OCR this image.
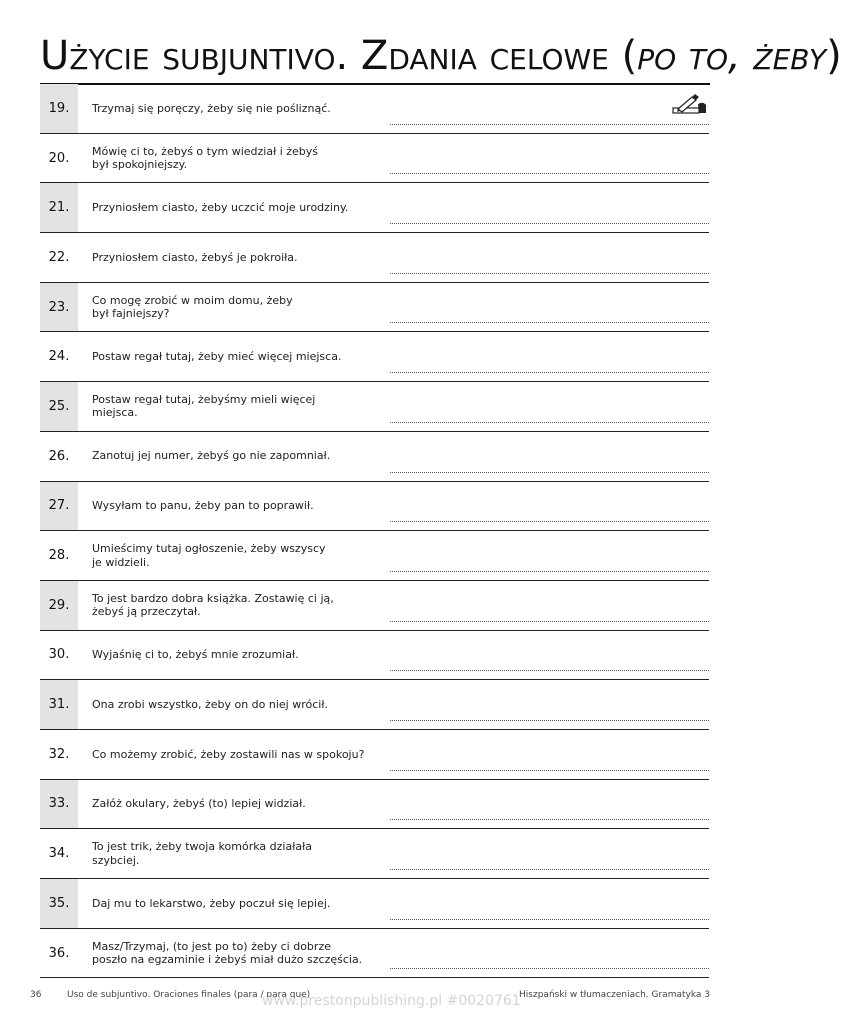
Użycie subjuntivo. Zdania celowe (po to, żeby)
19.	Trzymaj się poręczy, żeby się nie pośliznąć.
20.	Mówię ci to, żebyś o tym wiedział i żebyś
był spokojniejszy.
21.	Przyniosłem ciasto, żeby uczcić moje urodziny.
22.	Przyniosłem ciasto, żebyś je pokroiła.
23.	Co mogę zrobić w moim domu, żeby
był fajniejszy?
24.	Postaw regał tutaj, żeby mieć więcej miejsca.
25.	Postaw regał tutaj, żebyśmy mieli więcej
miejsca.
26.	Zanotuj jej numer, żebyś go nie zapomniał.
27.	Wysyłam to panu, żeby pan to poprawił.
28.	Umieścimy tutaj ogłoszenie, żeby wszyscy
je widzieli.
29.	To jest bardzo dobra książka. Zostawię ci ją,
żebyś ją przeczytał.
30.	Wyjaśnię ci to, żebyś mnie zrozumiał.
31.	Ona zrobi wszystko, żeby on do niej wrócił.
32.	Co możemy zrobić, żeby zostawili nas w spokoju?
33.	Załóż okulary, żebyś (to) lepiej widział.
34.	To jest trik, żeby twoja komórka działała
szybciej.
35.	Daj mu to lekarstwo, żeby poczuł się lepiej.
36.	Masz/Trzymaj, (to jest po to) żeby ci dobrze
poszło na egzaminie i żebyś miał dużo szczęścia.
36	Uso de subjuntivo. Oraciones finales (para / para que)	Hiszpański w tłumaczeniach. Gramatyka 3
www.prestonpublishing.pl #0020761
